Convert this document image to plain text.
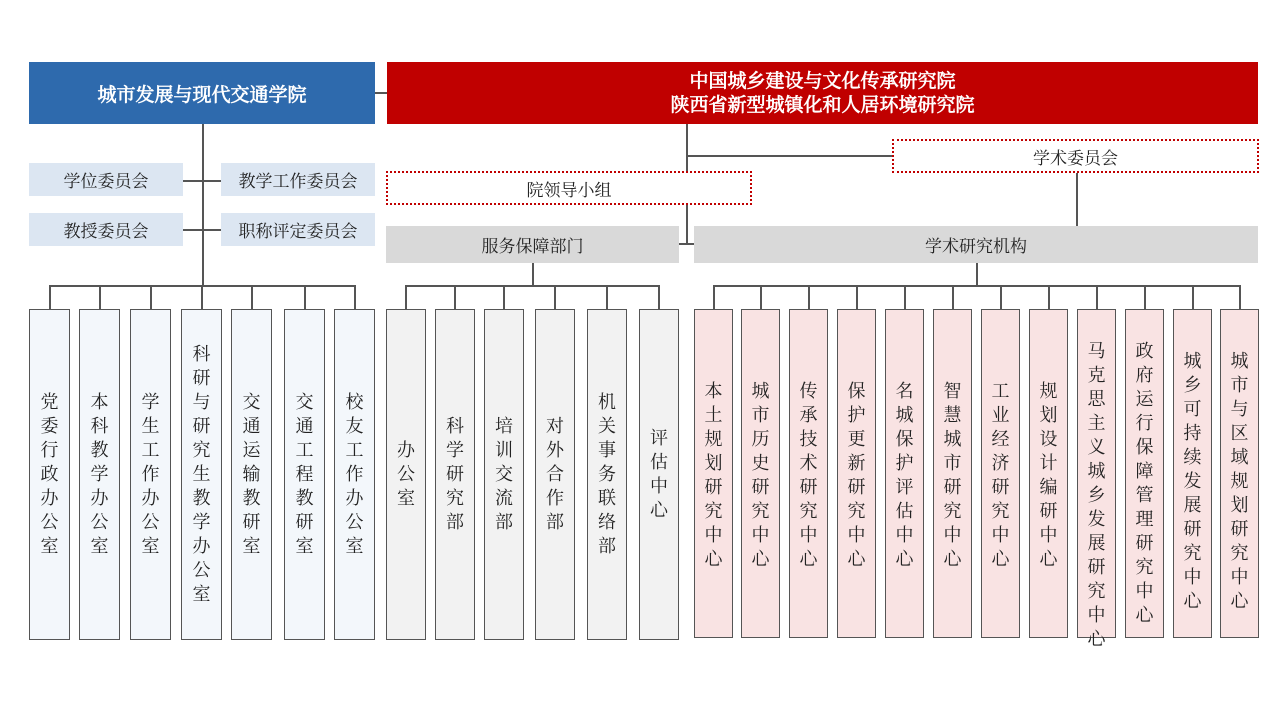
城市发展与现代交通学院
中国城乡建设与文化传承研究院
陕西省新型城镇化和人居环境研究院
学位委员会	教学工作委员会
教授委员会	职称评定委员会
学术委员会
院领导小组
服务保障部门	学术研究机构
党委行政办公室
本科教学办公室
学生工作办公室
科研与研究生教学办公室
交通运输教研室
交通工程教研室
校友工作办公室
办公室
科学研究部
培训交流部
对外合作部
机关事务联络部
评估中心
本土规划研究中心
城市历史研究中心
传承技术研究中心
保护更新研究中心
名城保护评估中心
智慧城市研究中心
工业经济研究中心
规划设计编研中心
马克思主义城乡发展研究中心
政府运行保障管理研究中心
城乡可持续发展研究中心
城市与区域规划研究中心
